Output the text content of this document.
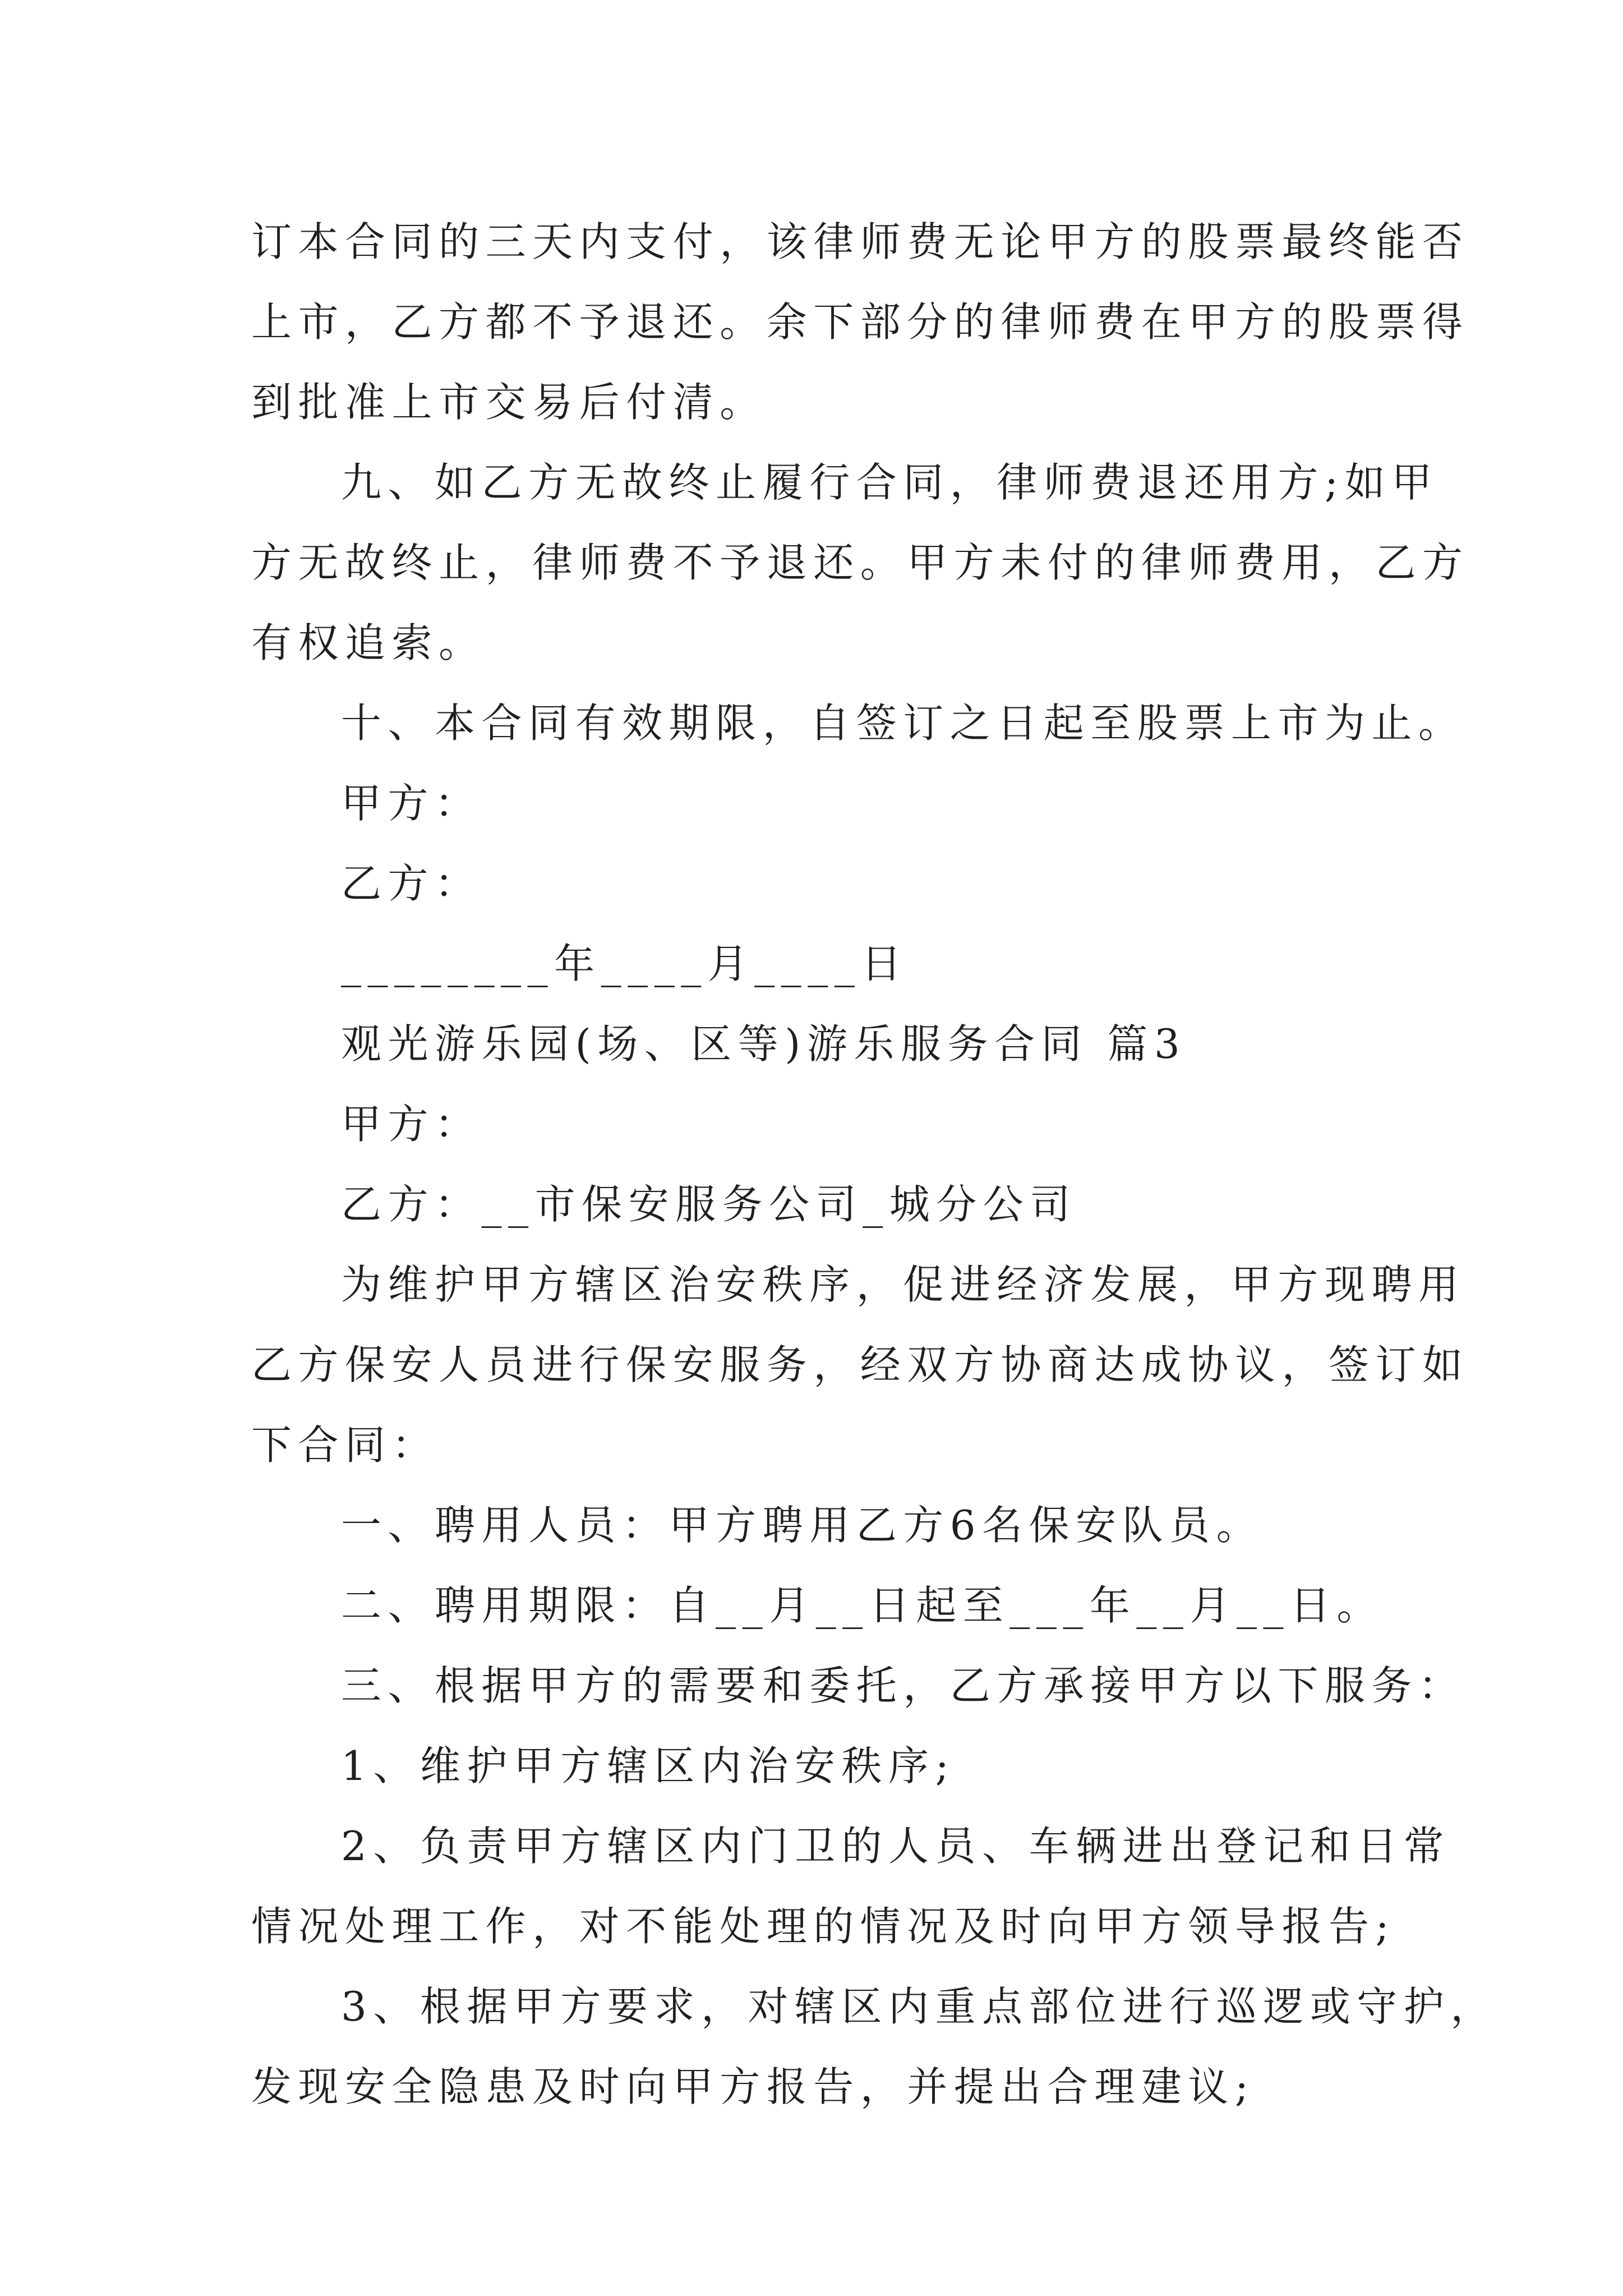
订本合同的三天内支付，该律师费无论甲方的股票最终能否
上市，乙方都不予退还。余下部分的律师费在甲方的股票得
到批准上市交易后付清。
九、如乙方无故终止履行合同，律师费退还用方;如甲
方无故终止，律师费不予退还。甲方未付的律师费用，乙方
有权追索。
十、本合同有效期限，自签订之日起至股票上市为止。
甲方：
乙方：
________年____月____日
观光游乐园(场、区等)游乐服务合同 篇3
甲方：
乙方：__市保安服务公司_城分公司
为维护甲方辖区治安秩序，促进经济发展，甲方现聘用
乙方保安人员进行保安服务，经双方协商达成协议，签订如
下合同：
一、聘用人员：甲方聘用乙方6名保安队员。
二、聘用期限：自__月__日起至___年__月__日。
三、根据甲方的需要和委托，乙方承接甲方以下服务：
1、维护甲方辖区内治安秩序;
2、负责甲方辖区内门卫的人员、车辆进出登记和日常
情况处理工作，对不能处理的情况及时向甲方领导报告;
3、根据甲方要求，对辖区内重点部位进行巡逻或守护，
发现安全隐患及时向甲方报告，并提出合理建议;
